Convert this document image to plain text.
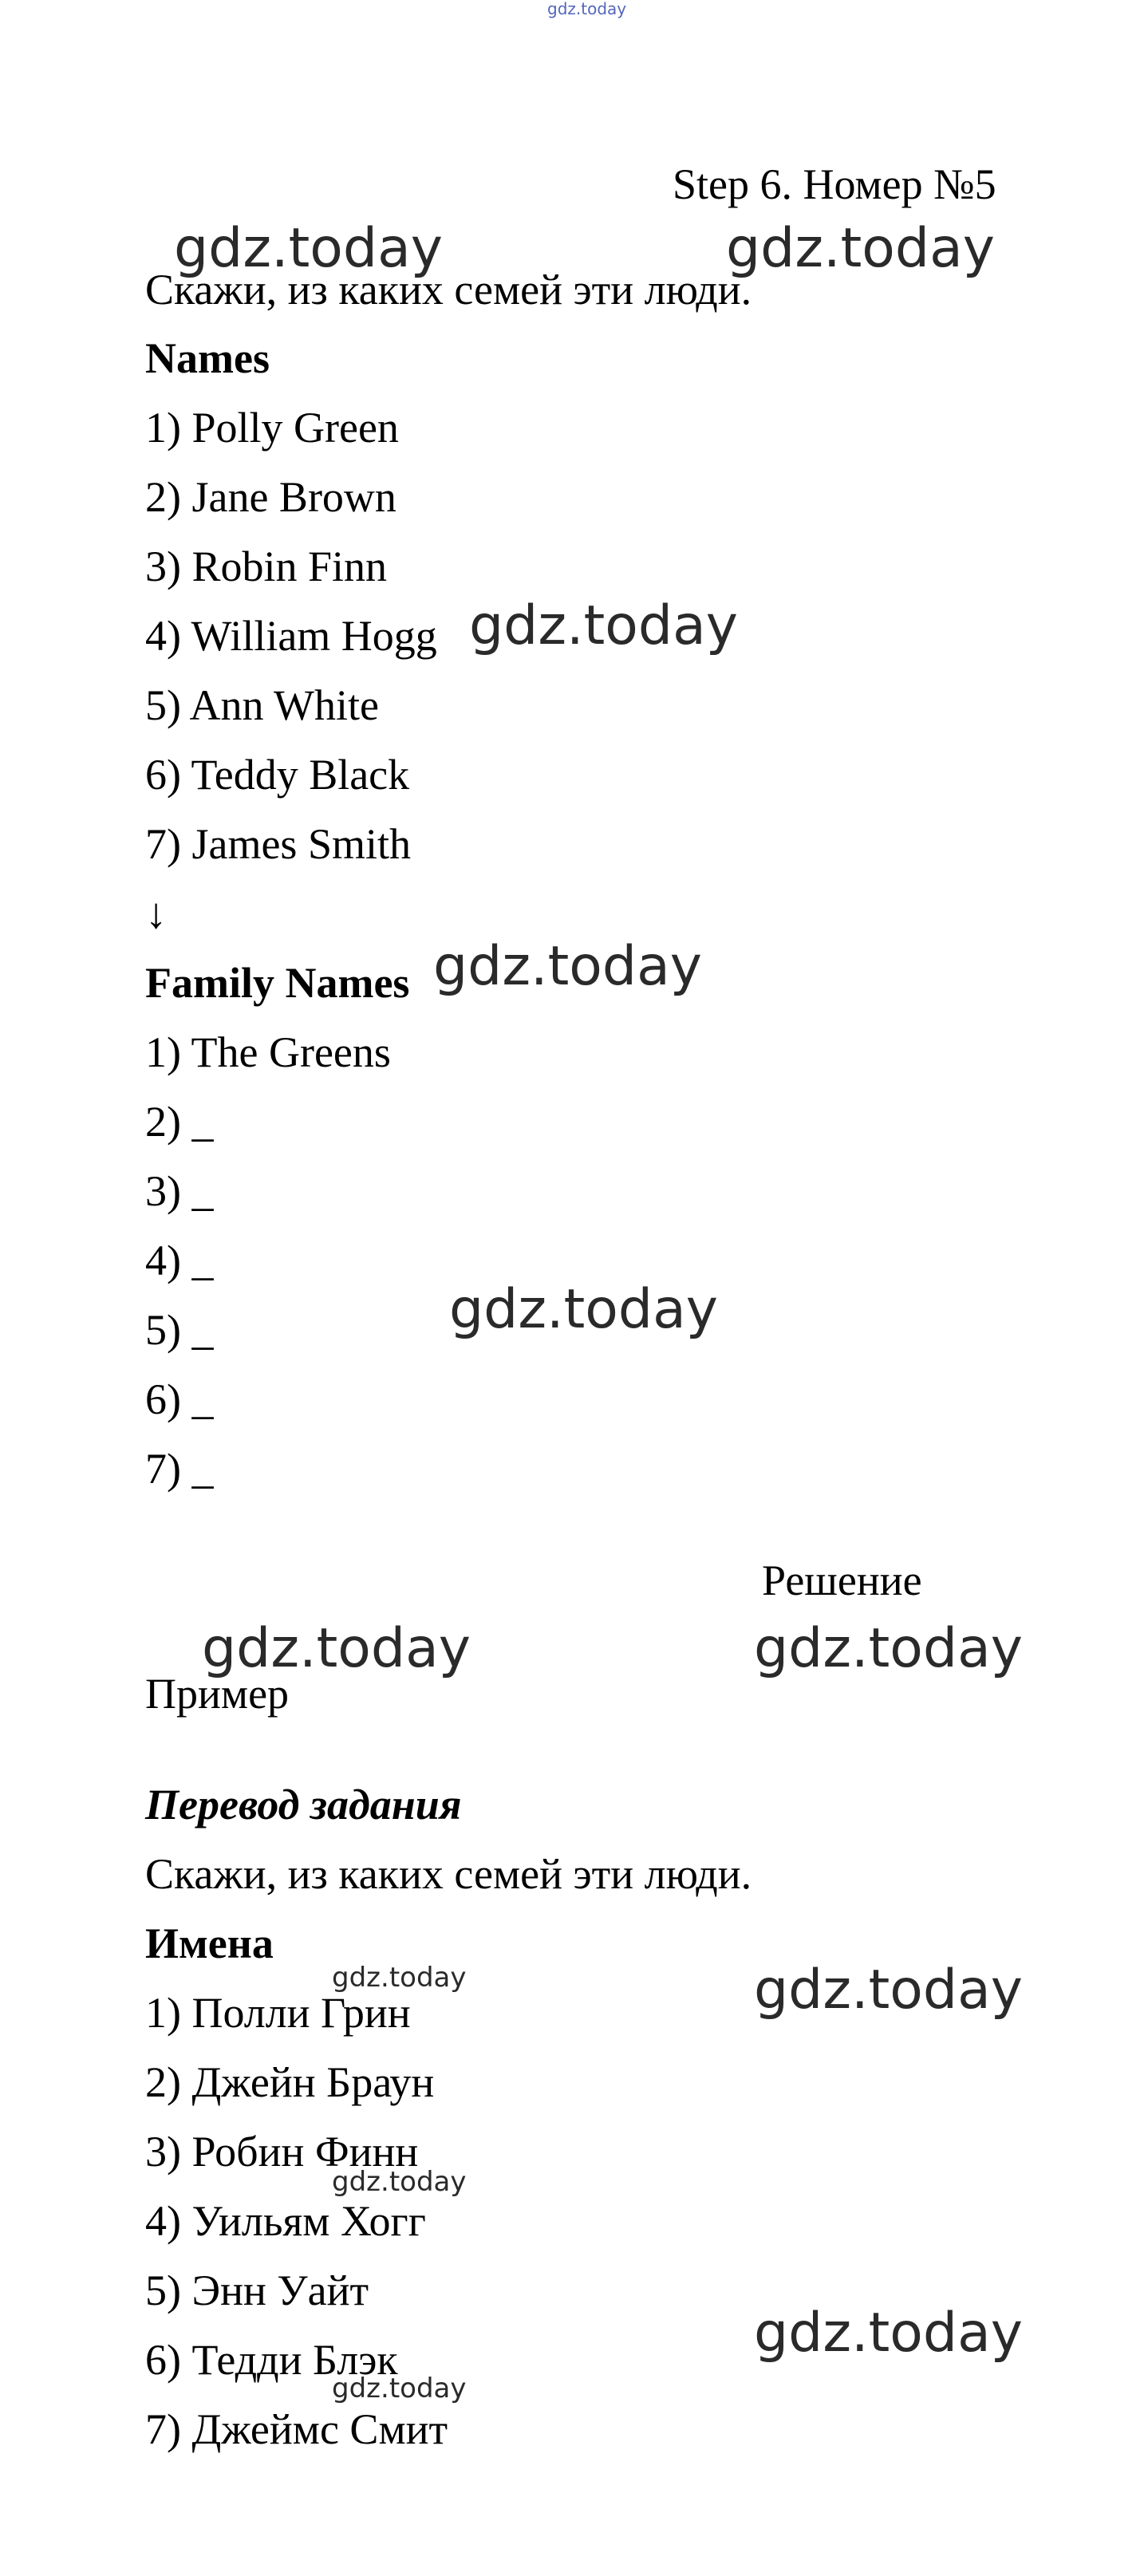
gdz.today
Step 6. Номер №5
Скажи, из каких семей эти люди.
Names
1) Polly Green
2) Jane Brown
3) Robin Finn
4) William Hogg
5) Ann White
6) Teddy Black
7) James Smith
↓
Family Names
1) The Greens
2) _
3) _
4) _
5) _
6) _
7) _
Решение
Пример
Перевод задания
Скажи, из каких семей эти люди.
Имена
1) Полли Грин
2) Джейн Браун
3) Робин Финн
4) Уильям Хогг
5) Энн Уайт
6) Тедди Блэк
7) Джеймс Смит
gdz.today	gdz.today
gdz.today
gdz.today
gdz.today
gdz.today	gdz.today
gdz.today
gdz.today
gdz.today
gdz.today
gdz.today
